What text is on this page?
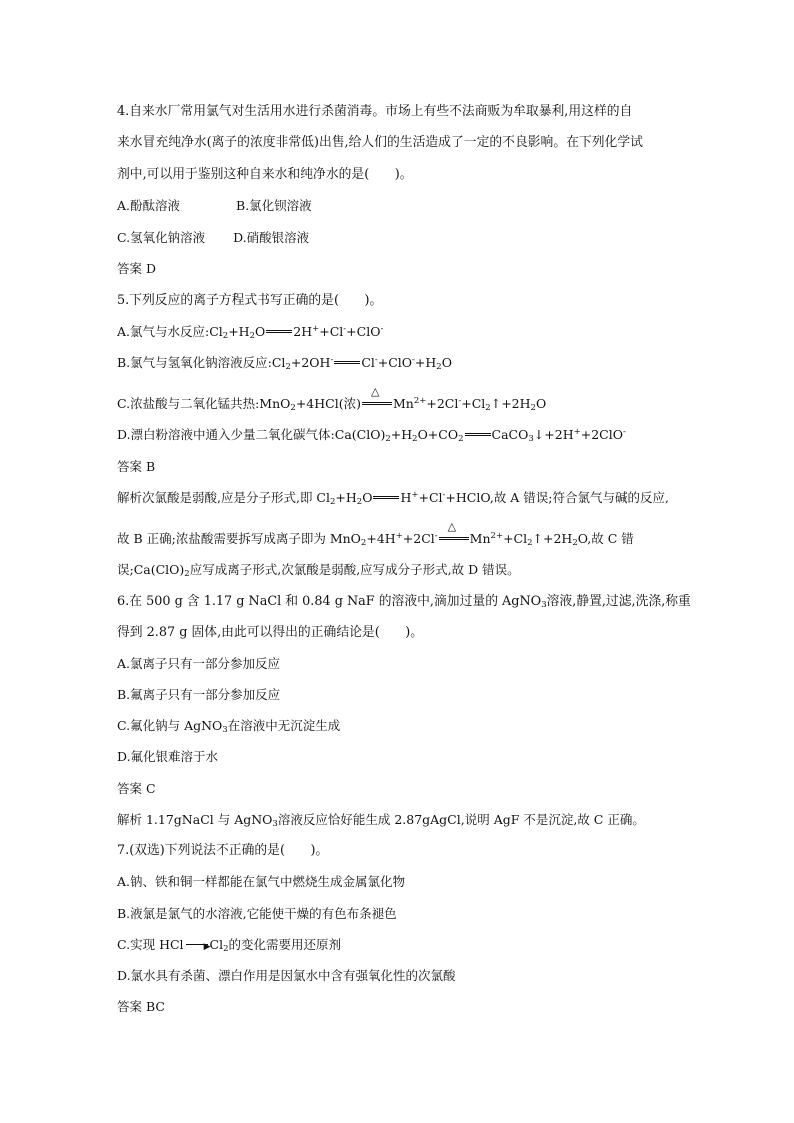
4.自来水厂常用氯气对生活用水进行杀菌消毒。市场上有些不法商贩为牟取暴利,用这样的自
来水冒充纯净水(离子的浓度非常低)出售,给人们的生活造成了一定的不良影响。在下列化学试
剂中,可以用于鉴别这种自来水和纯净水的是(　　)。
A.酚酞溶液	B.氯化钡溶液
C.氢氧化钠溶液 D.硝酸银溶液
答案 D
5.下列反应的离子方程式书写正确的是(　　)。
A.氯气与水反应$:Cl_2+H_2O$ 2H++Cl-+ClO-
B.氯气与氢氧化钠溶液反应$:Cl_2+2OH^-$ $Cl^-+ClO^-+H_2O$
C.浓盐酸与二氧化锰共热:MnO$_2$+4HCl(浓)
△
$Mn^{2+}+2Cl^-+Cl_2↑+2H_2O$
D.漂白粉溶液中通入少量二氧化碳气体$:Ca(ClO)_2+H_2O+CO_2$ CaCO$_3$↓+2H++2ClO-
答案 B
解析次氯酸是弱酸,应是分子形式,即 $Cl_2+H_2O$ H++Cl-+HClO,故 A 错误;符合氯气与碱的反应,
故 B 正确;浓盐酸需要拆写成离子即为 MnO$_2$+4H++2Cl-
△
$Mn^{2+}+Cl_2↑+2H_2O$,故 C 错
误$;Ca(ClO)_2$应写成离子形式,次氯酸是弱酸,应写成分子形式,故 D 错误。
6.在 500 g 含 1.17 g NaCl 和 0.84 g NaF 的溶液中,滴加过量的 AgNO$_3$溶液,静置,过滤,洗涤,称重
得到 2.87 g 固体,由此可以得出的正确结论是(　　)。
A.氯离子只有一部分参加反应
B.氟离子只有一部分参加反应
C.氟化钠与 AgNO$_3$在溶液中无沉淀生成
D.氟化银难溶于水
答案 C
解析 1.17gNaCl 与 AgNO$_3$溶液反应恰好能生成 2.87gAgCl,说明 AgF 不是沉淀,故 C 正确。
7.(双选)下列说法不正确的是(　　)。
A.钠、铁和铜一样都能在氯气中燃烧生成金属氯化物
B.液氯是氯气的水溶液,它能使干燥的有色布条褪色
C.实现 HCl ▶ $Cl_2$的变化需要用还原剂
D.氯水具有杀菌、漂白作用是因氯水中含有强氧化性的次氯酸
答案 BC
